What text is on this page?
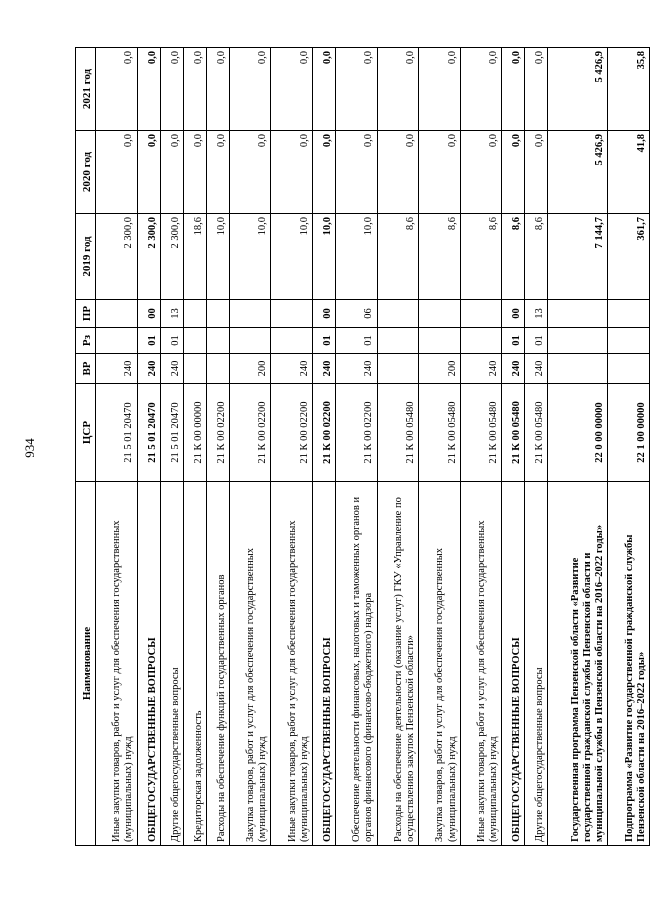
934
Наименование	ЦСР	ВР	Рз	ПР	2019 год	2020 год	2021 год
Иные закупки товаров, работ и услуг для обеспечения государственных (муниципальных) нужд	21 5 01 20470	240			2 300,0	0,0	0,0
ОБЩЕГОСУДАРСТВЕННЫЕ ВОПРОСЫ	21 5 01 20470	240	01	00	2 300,0	0,0	0,0
Другие общегосударственные вопросы	21 5 01 20470	240	01	13	2 300,0	0,0	0,0
Кредиторская задолженность	21 К 00 00000				18,6	0,0	0,0
Расходы на обеспечение функций государственных органов	21 К 00 02200				10,0	0,0	0,0
Закупка товаров, работ и услуг для обеспечения государственных (муниципальных) нужд	21 К 00 02200	200			10,0	0,0	0,0
Иные закупки товаров, работ и услуг для обеспечения государственных (муниципальных) нужд	21 К 00 02200	240			10,0	0,0	0,0
ОБЩЕГОСУДАРСТВЕННЫЕ ВОПРОСЫ	21 К 00 02200	240	01	00	10,0	0,0	0,0
Обеспечение деятельности финансовых, налоговых и таможенных органов и органов финансового (финансово-бюджетного) надзора	21 К 00 02200	240	01	06	10,0	0,0	0,0
Расходы на обеспечение деятельности (оказание услуг) ГКУ «Управление по осуществлению закупок Пензенской области»	21 К 00 05480				8,6	0,0	0,0
Закупка товаров, работ и услуг для обеспечения государственных (муниципальных) нужд	21 К 00 05480	200			8,6	0,0	0,0
Иные закупки товаров, работ и услуг для обеспечения государственных (муниципальных) нужд	21 К 00 05480	240			8,6	0,0	0,0
ОБЩЕГОСУДАРСТВЕННЫЕ ВОПРОСЫ	21 К 00 05480	240	01	00	8,6	0,0	0,0
Другие общегосударственные вопросы	21 К 00 05480	240	01	13	8,6	0,0	0,0
Государственная программа Пензенской области «Развитие государственной гражданской службы Пензенской области и муниципальной службы в Пензенской области на 2016–2022 годы»	22 0 00 00000				7 144,7	5 426,9	5 426,9
Подпрограмма «Развитие государственной гражданской службы Пензенской области на 2016–2022 годы»	22 1 00 00000				361,7	41,8	35,8
